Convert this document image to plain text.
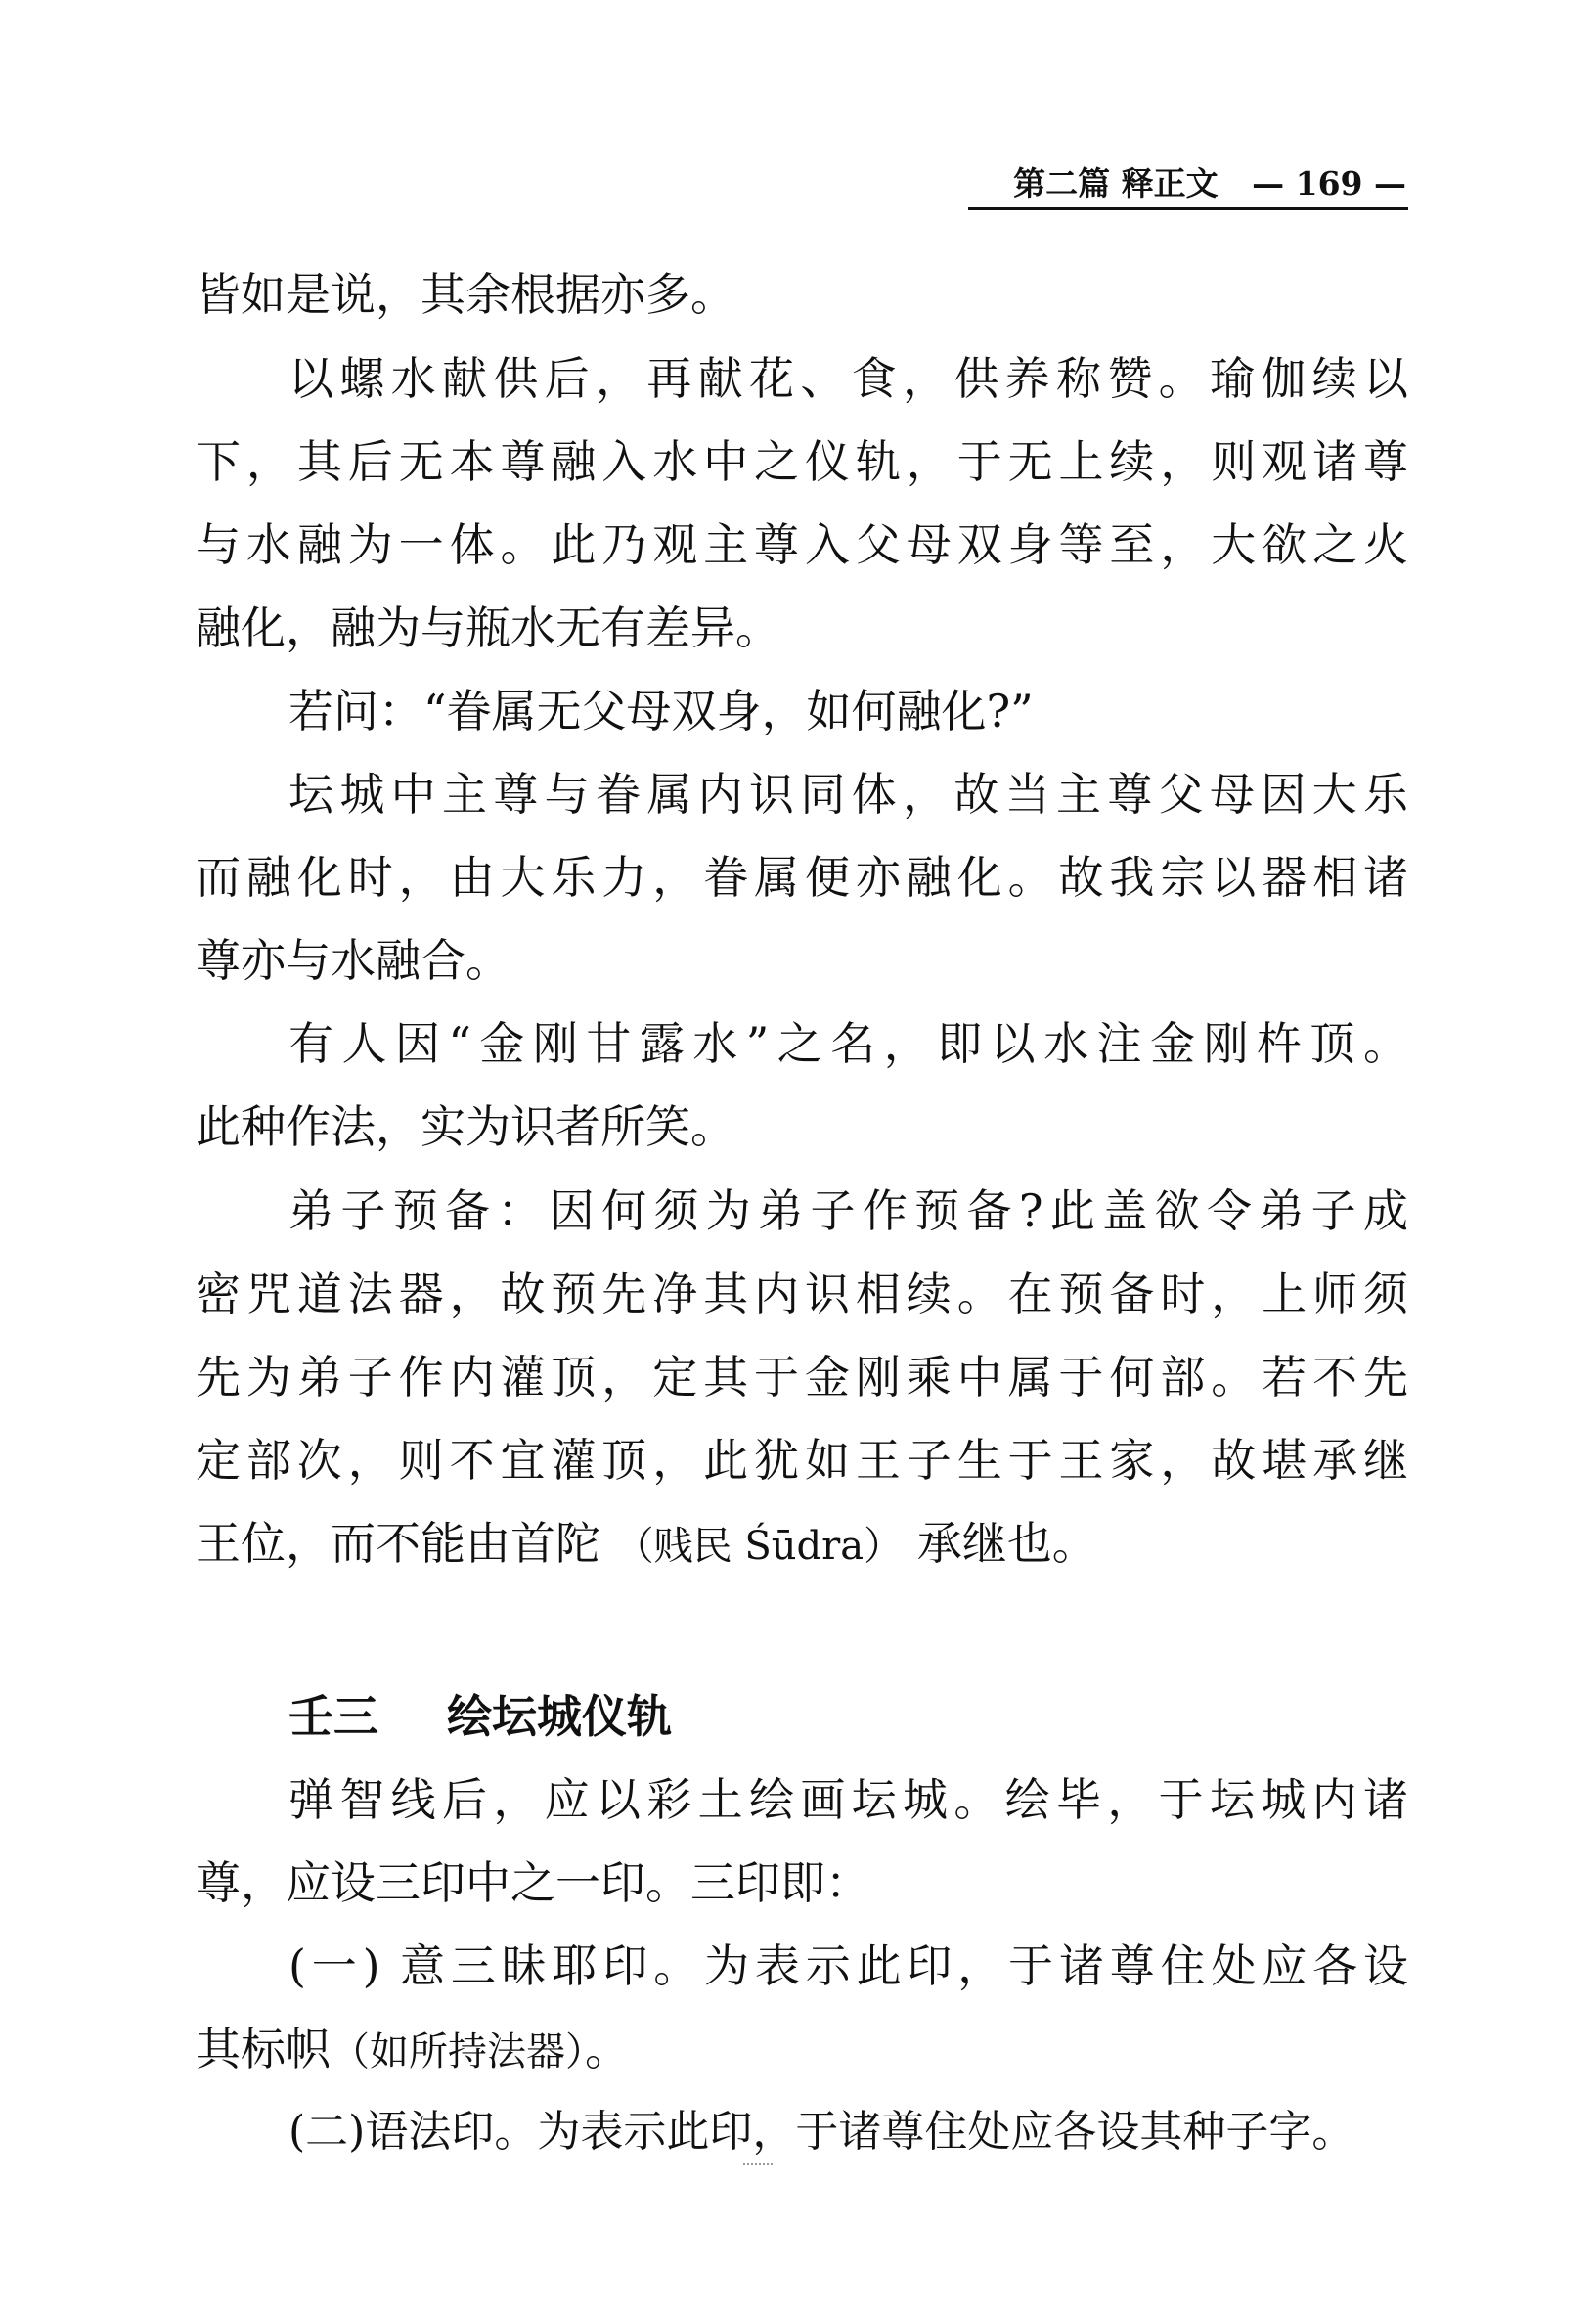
第二篇 释正文 — 169 —
皆如是说，其余根据亦多。
以螺水献供后，再献花、食，供养称赞。瑜伽续以
下，其后无本尊融入水中之仪轨，于无上续，则观诸尊
与水融为一体。此乃观主尊入父母双身等至，大欲之火
融化，融为与瓶水无有差异。
若问：“眷属无父母双身，如何融化?”
坛城中主尊与眷属内识同体，故当主尊父母因大乐
而融化时，由大乐力，眷属便亦融化。故我宗以器相诸
尊亦与水融合。
有人因“金刚甘露水”之名，即以水注金刚杵顶。
此种作法，实为识者所笑。
弟子预备：因何须为弟子作预备?此盖欲令弟子成
密咒道法器，故预先净其内识相续。在预备时，上师须
先为弟子作内灌顶，定其于金刚乘中属于何部。若不先
定部次，则不宜灌顶，此犹如王子生于王家，故堪承继
王位，而不能由首陀 （贱民 Śūdra） 承继也。
壬三 绘坛城仪轨
弹智线后，应以彩土绘画坛城。绘毕，于坛城内诸
尊，应设三印中之一印。三印即：
(一) 意三昧耶印。为表示此印，于诸尊住处应各设
其标帜（如所持法器）。
(二)语法印。为表示此印，于诸尊住处应各设其种子字。
